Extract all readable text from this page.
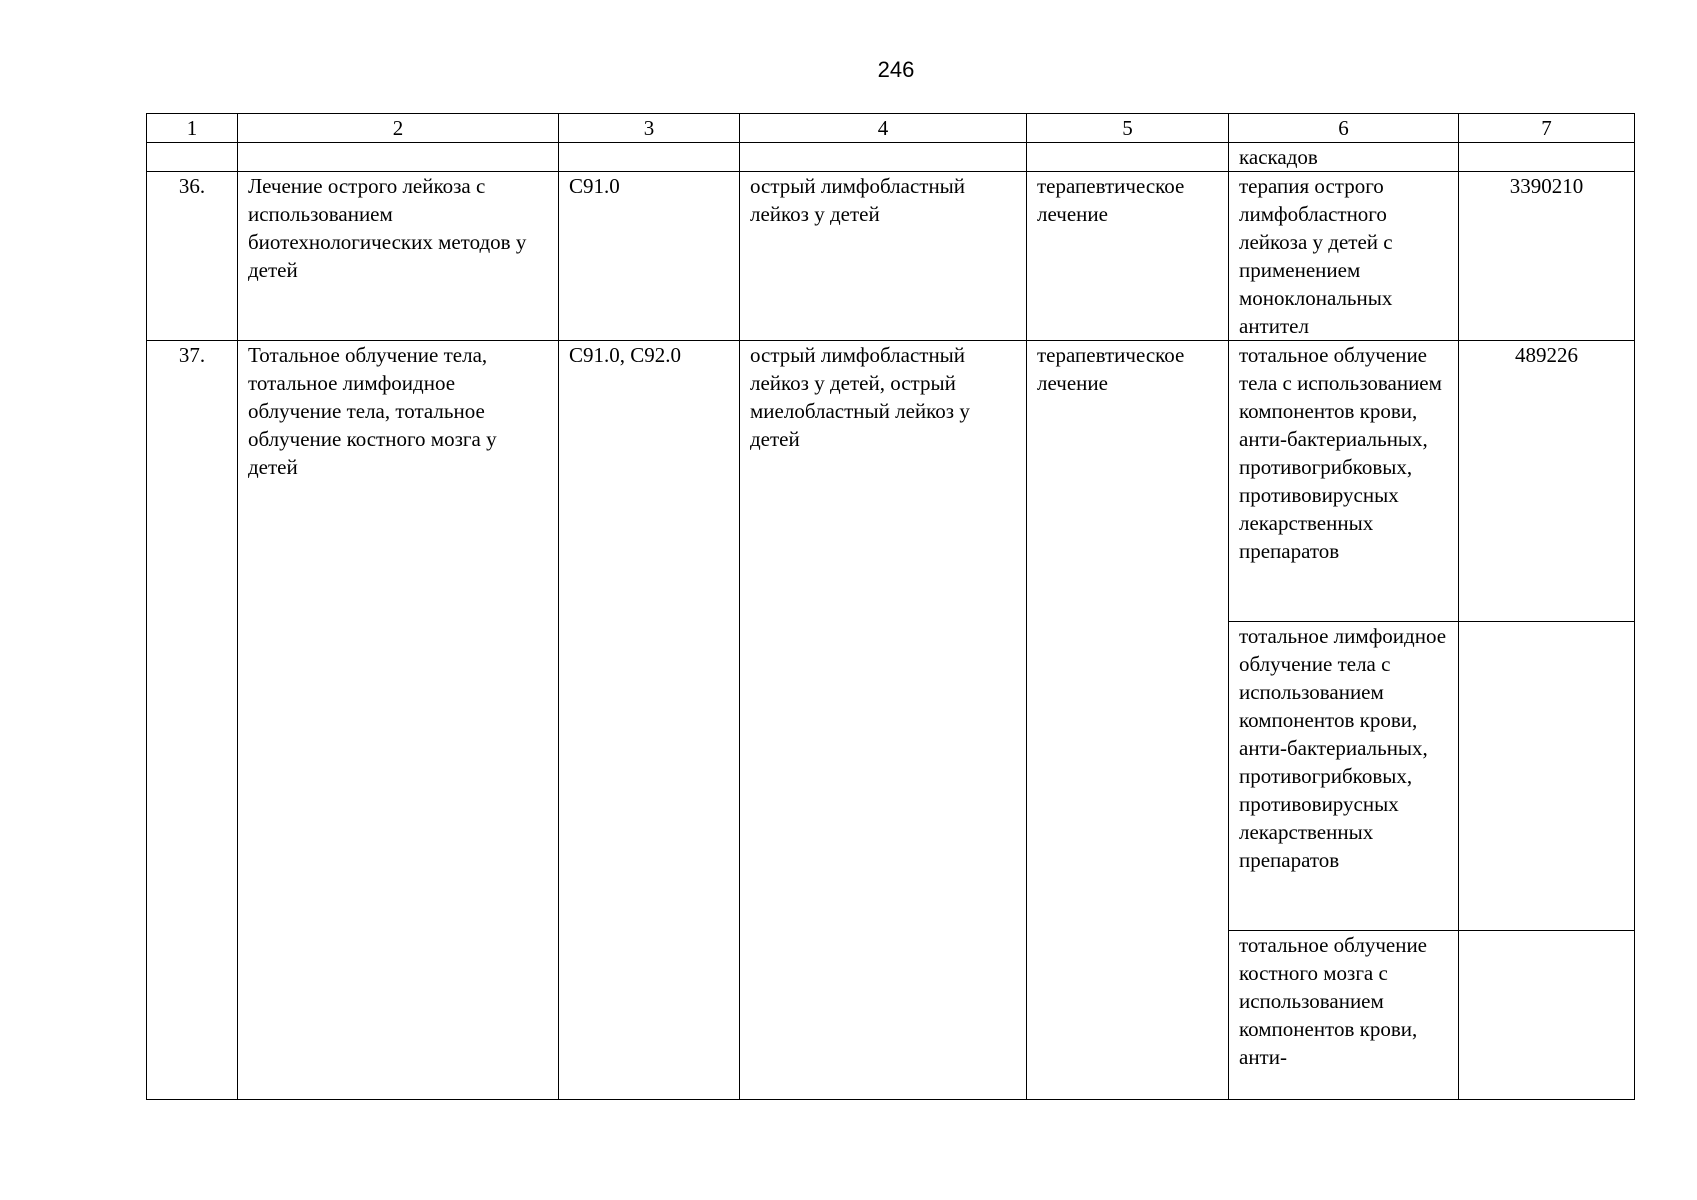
246
1	2	3	4	5	6	7
					каскадов	
36.	Лечение острого лейкоза с использованием биотехнологических методов у детей	C91.0	острый лимфобластный лейкоз у детей	терапевтическое лечение	терапия острого лимфобластного лейкоза у детей с применением моноклональных антител	3390210
37.	Тотальное облучение тела, тотальное лимфоидное облучение тела, тотальное облучение костного мозга у детей	C91.0, C92.0	острый лимфобластный лейкоз у детей, острый миелобластный лейкоз у детей	терапевтическое лечение	тотальное облучение тела с использованием компонентов крови, анти-бактериальных, противогрибковых, противовирусных лекарственных препаратов	489226
					тотальное лимфоидное облучение тела с использованием компонентов крови, анти-бактериальных, противогрибковых, противовирусных лекарственных препаратов	
					тотальное облучение костного мозга с использованием компонентов крови, анти-	
